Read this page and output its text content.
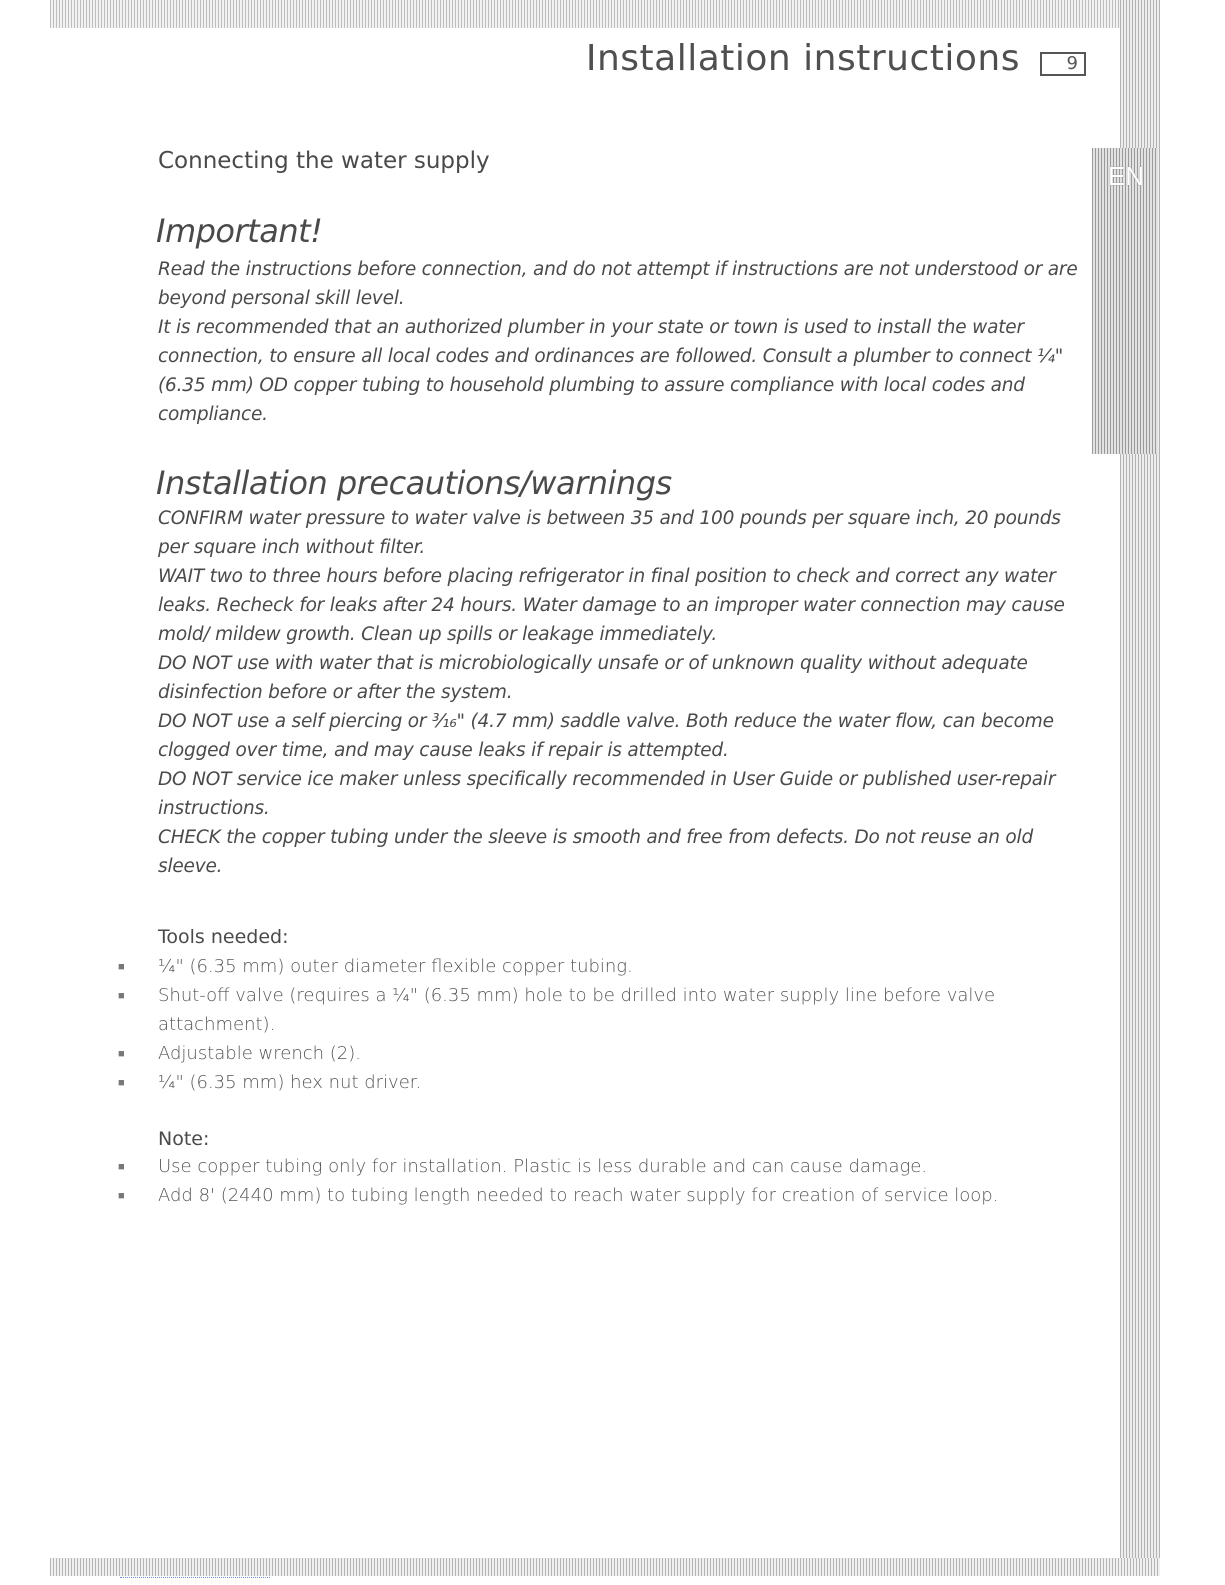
EN
Installation instructions	9
Connecting the water supply
Important!

Read the instructions before connection, and do not attempt if instructions are not understood or are beyond personal skill level.

It is recommended that an authorized plumber in your state or town is used to install the water connection, to ensure all local codes and ordinances are followed. Consult a plumber to connect ¼" (6.35 mm) OD copper tubing to household plumbing to assure compliance with local codes and compliance.

Installation precautions/warnings

CONFIRM water pressure to water valve is between 35 and 100 pounds per square inch, 20 pounds per square inch without filter.

WAIT two to three hours before placing refrigerator in final position to check and correct any water leaks. Recheck for leaks after 24 hours. Water damage to an improper water connection may cause mold/ mildew growth. Clean up spills or leakage immediately.

DO NOT use with water that is microbiologically unsafe or of unknown quality without adequate disinfection before or after the system.

DO NOT use a self piercing or ³⁄₁₆" (4.7 mm) saddle valve. Both reduce the water flow, can become clogged over time, and may cause leaks if repair is attempted.

DO NOT service ice maker unless specifically recommended in User Guide or published user-repair instructions.

CHECK the copper tubing under the sleeve is smooth and free from defects. Do not reuse an old sleeve.

Tools needed:
■ ¼" (6.35 mm) outer diameter flexible copper tubing.
■ Shut-off valve (requires a ¼" (6.35 mm) hole to be drilled into water supply line before valve attachment).
■ Adjustable wrench (2).
■ ¼" (6.35 mm) hex nut driver.
Note:
■ Use copper tubing only for installation. Plastic is less durable and can cause damage.
■ Add 8' (2440 mm) to tubing length needed to reach water supply for creation of service loop.
